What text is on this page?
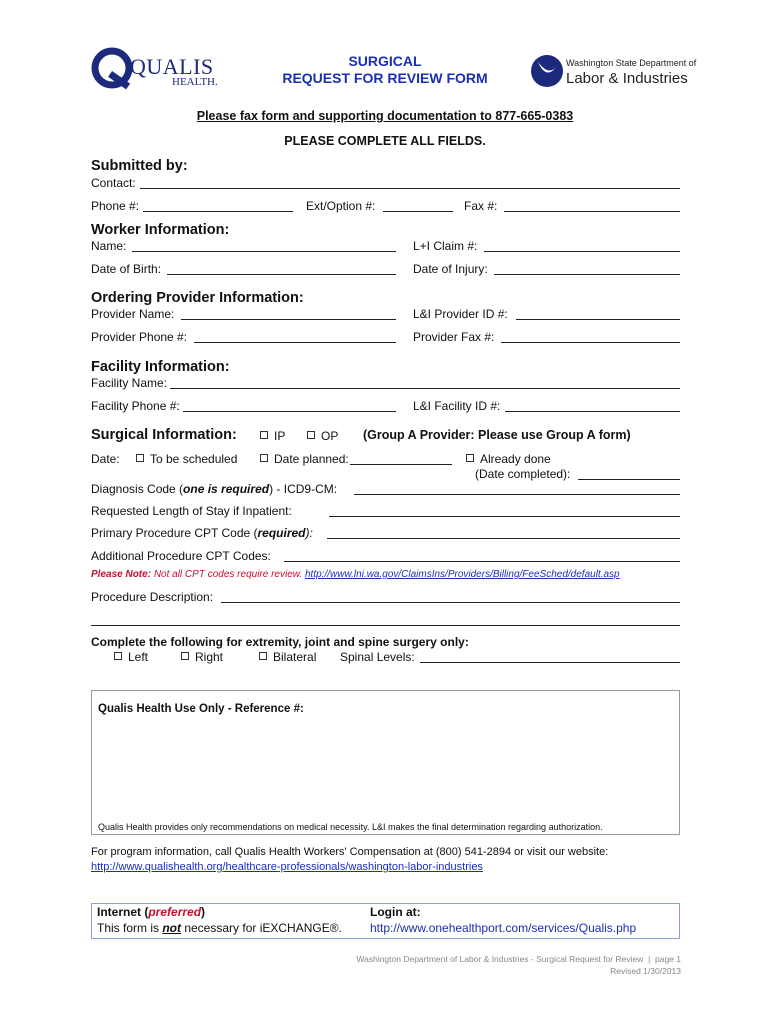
QUALIS
HEALTH.
SURGICAL
REQUEST FOR REVIEW FORM
Washington State Department of
Labor & Industries
Please fax form and supporting documentation to 877-665-0383
PLEASE COMPLETE ALL FIELDS.
Submitted by:
Contact:
Phone #:	Ext/Option #:	Fax #:
Worker Information:
Name:	L+I Claim #:
Date of Birth:	Date of Injury:
Ordering Provider Information:
Provider Name:	L&I Provider ID #:
Provider Phone #:	Provider Fax #:
Facility Information:
Facility Name:
Facility Phone #:	L&I Facility ID #:
Surgical Information:	IP	OP (Group A Provider: Please use Group A form)
Date:	To be scheduled	Date planned:	Already done
(Date completed):
Diagnosis Code (one is required) - ICD9-CM:
Requested Length of Stay if Inpatient:
Primary Procedure CPT Code (required):
Additional Procedure CPT Codes:
Please Note: Not all CPT codes require review. http://www.lni.wa.gov/ClaimsIns/Providers/Billing/FeeSched/default.asp
Procedure Description:
Complete the following for extremity, joint and spine surgery only:
Left	Right	Bilateral Spinal Levels:
Qualis Health Use Only - Reference #:
Qualis Health provides only recommendations on medical necessity. L&I makes the final determination regarding authorization.
For program information, call Qualis Health Workers' Compensation at (800) 541-2894 or visit our website:
http://www.qualishealth.org/healthcare-professionals/washington-labor-industries
Internet (preferred)
This form is not necessary for iEXCHANGE®.
Login at:
http://www.onehealthport.com/services/Qualis.php
Washington Department of Labor & Industries - Surgical Request for Review  |  page 1
Revised 1/30/2013
